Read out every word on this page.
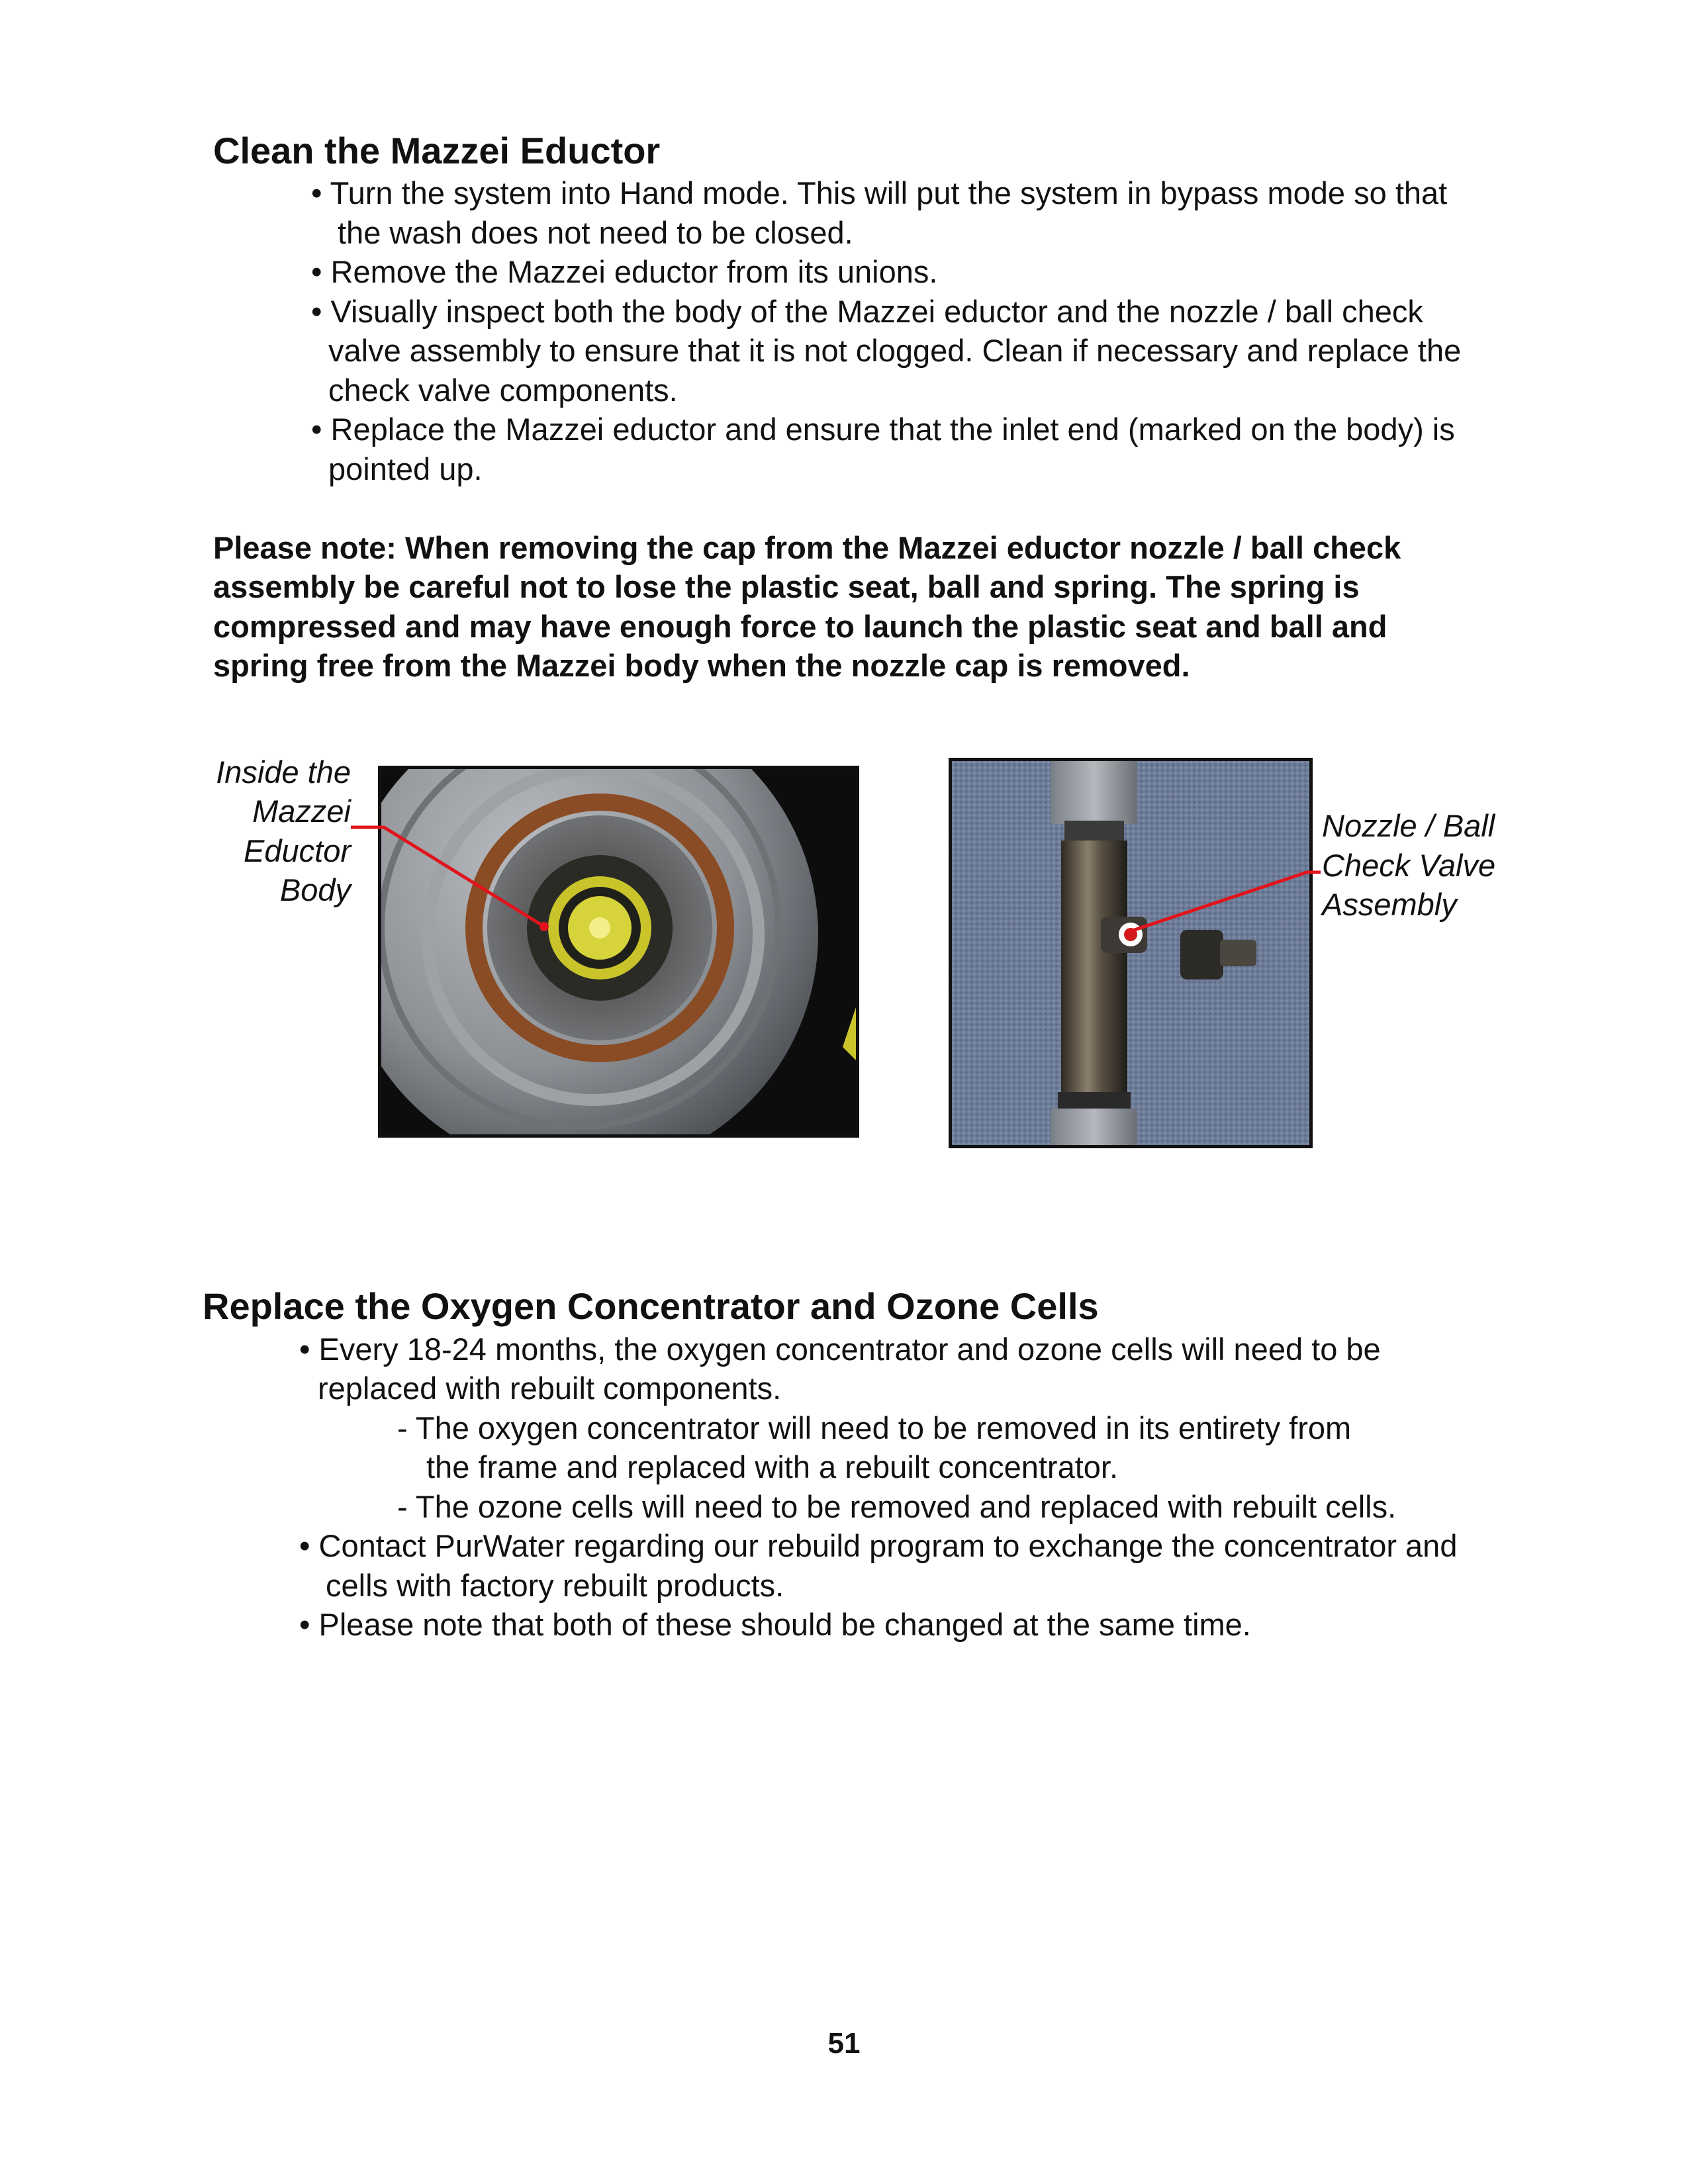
Clean the Mazzei Eductor
• Turn the system into Hand mode. This will put the system in bypass mode so that
the wash does not need to be closed.
• Remove the Mazzei eductor from its unions.
• Visually inspect both the body of the Mazzei eductor and the nozzle / ball check
valve assembly to ensure that it is not clogged. Clean if necessary and replace the
check valve components.
• Replace the Mazzei eductor and ensure that the inlet end (marked on the body) is
pointed up.
Please note: When removing the cap from the Mazzei eductor nozzle / ball check
assembly be careful not to lose the plastic seat, ball and spring. The spring is
compressed and may have enough force to launch the plastic seat and ball and
spring free from the Mazzei body when the nozzle cap is removed.
Inside the
Mazzei
Eductor
Body
Nozzle / Ball
Check Valve
Assembly
Replace the Oxygen Concentrator and Ozone Cells
• Every 18-24 months, the oxygen concentrator and ozone cells will need to be
replaced with rebuilt components.
- The oxygen concentrator will need to be removed in its entirety from
the frame and replaced with a rebuilt concentrator.
- The ozone cells will need to be removed and replaced with rebuilt cells.
• Contact PurWater regarding our rebuild program to exchange the concentrator and
cells with factory rebuilt products.
• Please note that both of these should be changed at the same time.
51
